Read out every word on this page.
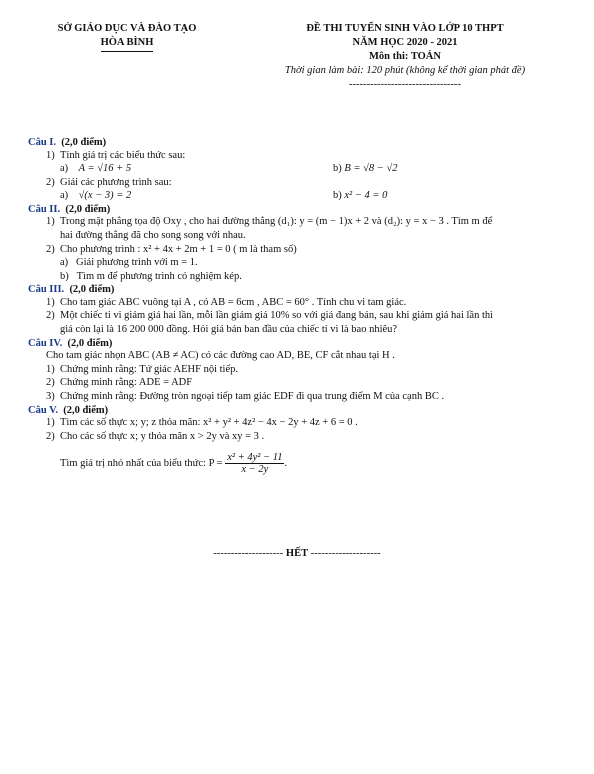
SỞ GIÁO DỤC VÀ ĐÀO TẠO
HÒA BÌNH
ĐỀ THI TUYỂN SINH VÀO LỚP 10 THPT
NĂM HỌC 2020 - 2021
Môn thi: TOÁN
Thời gian làm bài: 120 phút (không kể thời gian phát đề)
--------------------------------
Câu I. (2,0 điểm)
1) Tính giá trị các biểu thức sau:
a) A = √16 + 5	b) B = √8 − √2
2) Giải các phương trình sau:
a) √(x − 3) = 2	b) x² − 4 = 0
Câu II. (2,0 điểm)
1) Trong mặt phẳng tọa độ Oxy , cho hai đường thẳng (d₁): y = (m − 1)x + 2 và (d₂): y = x − 3 . Tìm m để
hai đường thẳng đã cho song song với nhau.
2) Cho phương trình : x² + 4x + 2m + 1 = 0 ( m là tham số)
a) Giải phương trình với m = 1.
b) Tìm m để phương trình có nghiệm kép.
Câu III. (2,0 điểm)
1) Cho tam giác ABC vuông tại A , có AB = 6cm , ABC = 60° . Tính chu vi tam giác.
2) Một chiếc ti vi giảm giá hai lần, mỗi lần giảm giá 10% so với giá đang bán, sau khi giảm giá hai lần thì
giá còn lại là 16 200 000 đồng. Hỏi giá bán ban đầu của chiếc ti vi là bao nhiêu?
Câu IV. (2,0 điểm)
Cho tam giác nhọn ABC (AB ≠ AC) có các đường cao AD, BE, CF cắt nhau tại H .
1) Chứng minh rằng: Tứ giác AEHF nội tiếp.
2) Chứng minh rằng: ADE = ADF
3) Chứng minh rằng: Đường tròn ngoại tiếp tam giác EDF đi qua trung điểm M của cạnh BC .
Câu V. (2,0 điểm)
1) Tìm các số thực x; y; z thỏa mãn: x² + y² + 4z² − 4x − 2y + 4z + 6 = 0 .
2) Cho các số thực x; y thỏa mãn x > 2y và xy = 3 .
Tìm giá trị nhỏ nhất của biểu thức: $P = \frac{\text{x² + 4y² − 11}}{x - 2y}$ .
-------------------- HẾT --------------------
